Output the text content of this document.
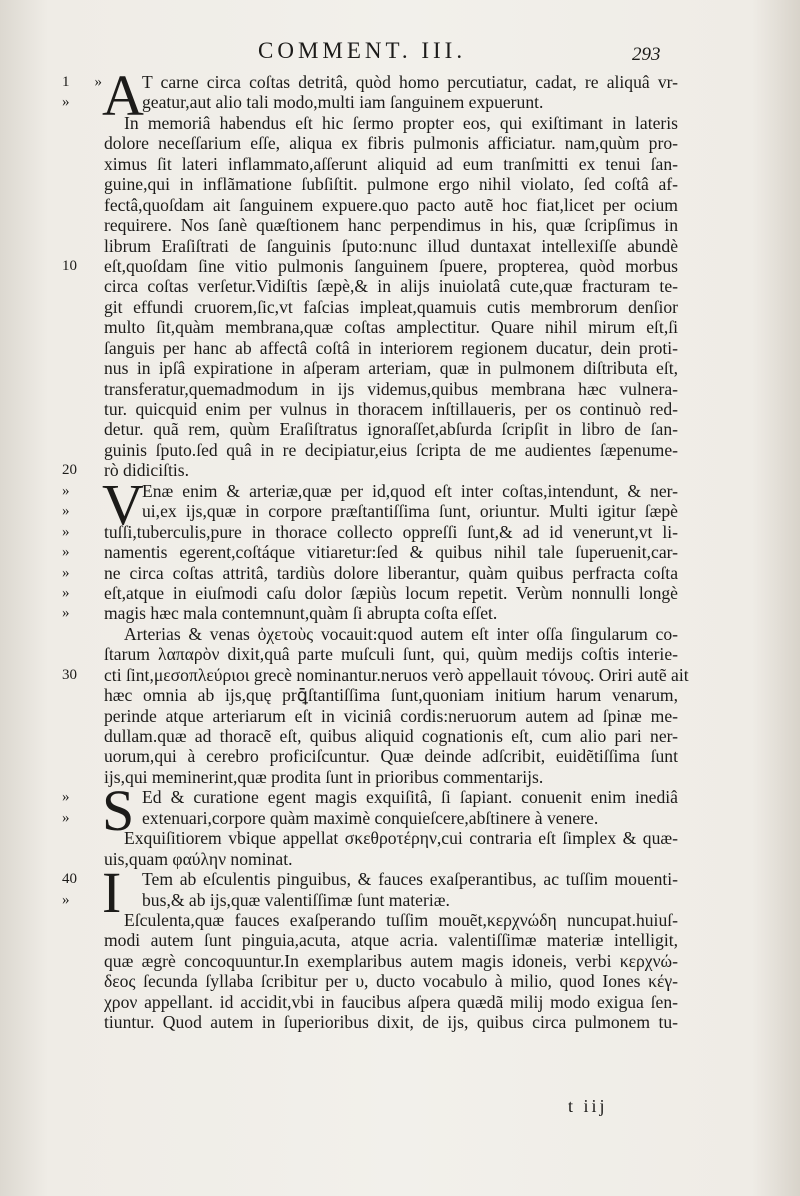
COMMENT. III.	293
1 » A
T carne circa coſtas detritâ, quòd homo percutiatur, cadat, re aliquâ vr-
»	geatur,aut alio tali modo,multi iam ſanguinem expuerunt.
In memoriâ habendus eſt hic ſermo propter eos, qui exiſtimant in lateris
dolore neceſſarium eſſe, aliqua ex fibris pulmonis afficiatur. nam,quùm pro-
ximus ſit lateri inflammato,aſſerunt aliquid ad eum tranſmitti ex tenui ſan-
guine,qui in inflãmatione ſubſiſtit. pulmone ergo nihil violato, ſed coſtâ af-
fectâ,quoſdam ait ſanguinem expuere.quo pacto autẽ hoc fiat,licet per ocium
requirere. Nos ſanè quæſtionem hanc perpendimus in his, quæ ſcripſimus in
librum Eraſiſtrati de ſanguinis ſputo:nunc illud duntaxat intellexiſſe abundè
10	eſt,quoſdam ſine vitio pulmonis ſanguinem ſpuere, propterea, quòd morbus
circa coſtas verſetur.Vidiſtis ſæpè,& in alijs inuiolatâ cute,quæ fracturam te-
git effundi cruorem,ſic,vt faſcias impleat,quamuis cutis membrorum denſior
multo ſit,quàm membrana,quæ coſtas amplectitur. Quare nihil mirum eſt,ſi
ſanguis per hanc ab affectâ coſtâ in interiorem regionem ducatur, dein proti-
nus in ipſâ expiratione in aſperam arteriam, quæ in pulmonem diſtributa eſt,
transferatur,quemadmodum in ijs videmus,quibus membrana hæc vulnera-
tur. quicquid enim per vulnus in thoracem inſtillaueris, per os continuò red-
detur. quã rem, quùm Eraſiſtratus ignoraſſet,abſurda ſcripſit in libro de ſan-
guinis ſputo.ſed quâ in re decipiatur,eius ſcripta de me audientes ſæpenume-
20	rò didiciſtis.
» V
Enæ enim & arteriæ,quæ per id,quod eſt inter coſtas,intendunt, & ner-
»	ui,ex ijs,quæ in corpore præſtantiſſima ſunt, oriuntur. Multi igitur ſæpè
»	tuſſi,tuberculis,pure in thorace collecto oppreſſi ſunt,& ad id venerunt,vt li-
»	namentis egerent,coſtáque vitiaretur:ſed & quibus nihil tale ſuperuenit,car-
»	ne circa coſtas attritâ, tardiùs dolore liberantur, quàm quibus perfracta coſta
»	eſt,atque in eiuſmodi caſu dolor ſæpiùs locum repetit. Verùm nonnulli longè
»	magis hæc mala contemnunt,quàm ſi abrupta coſta eſſet.
Arterias & venas ὀχετοὺς vocauit:quod autem eſt inter oſſa ſingularum co-
ſtarum λαπαρὸν dixit,quâ parte muſculi ſunt, qui, quùm medijs coſtis interie-
30	cti ſint,μεσοπλεύριοι grecè nominantur.neruos verò appellauit τόνους. Oriri autẽ ait
hæc omnia ab ijs,quę prꝗ̄ſtantiſſima ſunt,quoniam initium harum venarum,
perinde atque arteriarum eſt in viciniâ cordis:neruorum autem ad ſpinæ me-
dullam.quæ ad thoracẽ eſt, quibus aliquid cognationis eſt, cum alio pari ner-
uorum,qui à cerebro proficiſcuntur. Quæ deinde adſcribit, euidẽtiſſima ſunt
ijs,qui meminerint,quæ prodita ſunt in prioribus commentarijs.
» S Ed & curatione egent magis exquiſitâ, ſi ſapiant. conuenit enim inediâ
»	extenuari,corpore quàm maximè conquieſcere,abſtinere à venere.
Exquiſitiorem vbique appellat σκεθροτέρην,cui contraria eſt ſimplex & quæ-
uis,quam φαύλην nominat.
40 I Tem ab eſculentis pinguibus, & fauces exaſperantibus, ac tuſſim mouenti-
»	bus,& ab ijs,quæ valentiſſimæ ſunt materiæ.
Eſculenta,quæ fauces exaſperando tuſſim mouẽt,κερχνώδη nuncupat.huiuſ-
modi autem ſunt pinguia,acuta, atque acria. valentiſſimæ materiæ intelligit,
quæ ægrè concoquuntur.In exemplaribus autem magis idoneis, verbi κερχνώ-
δεος ſecunda ſyllaba ſcribitur per υ, ducto vocabulo à milio, quod Iones κέγ-
χρον appellant. id accidit,vbi in faucibus aſpera quædã milij modo exigua ſen-
tiuntur. Quod autem in ſuperioribus dixit, de ijs, quibus circa pulmonem tu-
t iij
